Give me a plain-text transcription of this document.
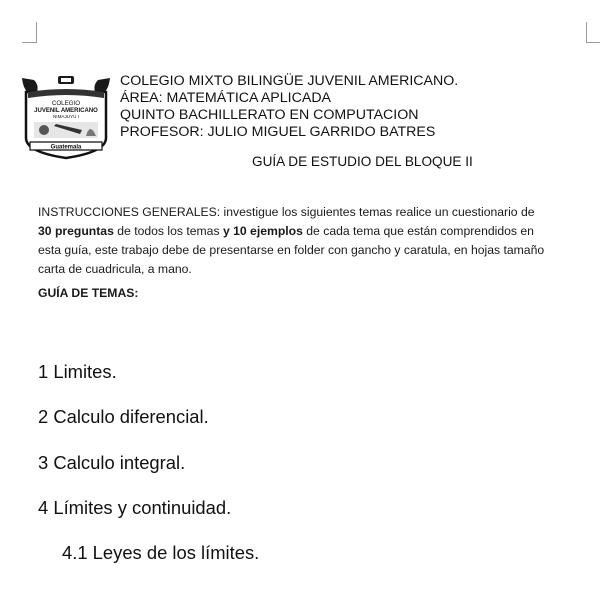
COLEGIO
JUVENIL AMERICANO
NIMAJUYÚ I
Guatemala
COLEGIO MIXTO BILINGÜE JUVENIL AMERICANO.
ÁREA: MATEMÁTICA APLICADA
QUINTO BACHILLERATO EN COMPUTACION
PROFESOR: JULIO MIGUEL GARRIDO BATRES
GUÍA DE ESTUDIO DEL BLOQUE II
INSTRUCCIONES GENERALES: investigue los siguientes temas realice un cuestionario de 30 preguntas de todos los temas y 10 ejemplos de cada tema que están comprendidos en esta guía, este trabajo debe de presentarse en folder con gancho y caratula, en hojas tamaño carta de cuadricula, a mano.
GUÍA DE TEMAS:
1 Limites.
2 Calculo diferencial.
3 Calculo integral.
4 Límites y continuidad.
4.1 Leyes de los límites.
